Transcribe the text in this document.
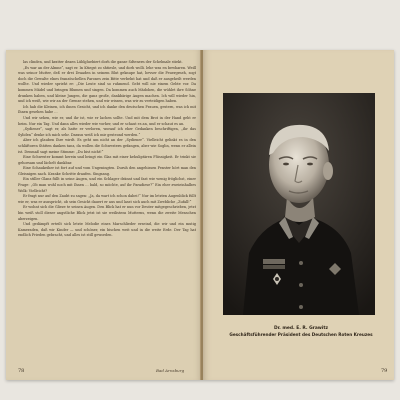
las clinden, und kratter deaen Lüblgluebiert dorh die ganze Sdtenern der Schelmale stiekt.

„Es war an der Almne“, sagt er. In Ktiegst zo shtiesle, und dorh wolli. lehe was en bewharen. Weill was seinor Mutter, deß er drei Draaden in seinem Blut geknupe hat, bevser die Feuergrneh, sogt doch die Gewalte elnes französchellen Parones zein Bitte verbelnt hat und daß er ausgeheilt werden wollte. Und wieder sprieht er: „Die Leute sind so ruhmend. Gebt will nie einem Gebte vor. Da kommen Mädel und bringen Blumen und singen. Da kommen auch Mädohen, die wühlet ihre Söhne drunken haben, und kleine Jungen, die ganz große, dankbärige Augen machen. Ich will wieder hin, und ich weiß, wie wir an der Grenze stehen, und wir wissen, was wir zu verteidigen haben.

Ich hab die Kleinen, ich ihnen Gesicht, und ich danke den deutschen Frauen, gestern, was ich mit Ihnen gesehen habe ...

Und wir sehen, wie er, und ihr ist, wie er lachen sollte. Und mit dem Brot in der Hand geht er heim. Nur ein Tag. Und dann alles wieder wie vorher, und er schaut es an, und er schaut es an.

„Sydiener“, sagt er, als hatte er verloren, worauf ich eher Gedanken beschriftigen, „ihr das Syliden“ denke ich mich sehr. Daraus weiß ich mir gesteond werden.“

Aber ich glauben Ihre wirdt. Es geht um nicht an der „Sydiener“. Vielleicht gelinkt es in den schläftoren Stätten danken tanz, da wollen die Schwestern gefangen, aber wie Soglin, wenn er allein ist. Denmaß sagt meine Stimme: „Du bist nicht!“

Eine Schwester kommt herein und bringt ein Glas mit einer kehuliptären Flüssigkeit. Er trinkt sie gehorsam und lächelt dankbar.

Eine Schaukeiher ist fort auf und vom Ungeningten. Duruh den angehissen Fenster hört man den Gleisnigen nach. Kranke Schritte draufen. Singsang.

Ein stiller Glanz füllt in seine Augen, und ein Schlager drännt und fast wie wenig fröglichst, einer Frage: „Ob man wohl noch mit Ihnen ... bald, so möchte, auf ihr Paradiese?“ Ein eher zweieinhalbes Wolk: Vielleicht?

Er fragt nur auf den Zaubt zu sagen: „Ja, da wart ich schon dabei!“ Nur im letzten Augenblick füllt wie er, was er ausspricht, ob sein Gesicht dauert er aus und lasst sich auch mit Zwebliche „Zufall!“

Er wohnt sich die Glieze te seinen Augen. Den Blick hat er nun vor Deuter mitgegeschrieben, jetzt bin weiß stoll dieser angstliche Blick jetzt ist sie weilistens Mutterns, wenn die zweite Menschen aberzeigen.

Und gedämpft erteilt sich letzte Melodie eines Marschlieder erseind, die wir und ein mutig Kameraden, daß wir Kinder — und schöner, ein bischen weit und in die weite Erde. Der Tag hat endlich Frieden gebracht, und alles ist still geworden.

78	Bad Arnsburg
Dr. med. E. R. Grawitz
Geschäftsführender Präsident des Deutschen Roten Kreuzes
79
